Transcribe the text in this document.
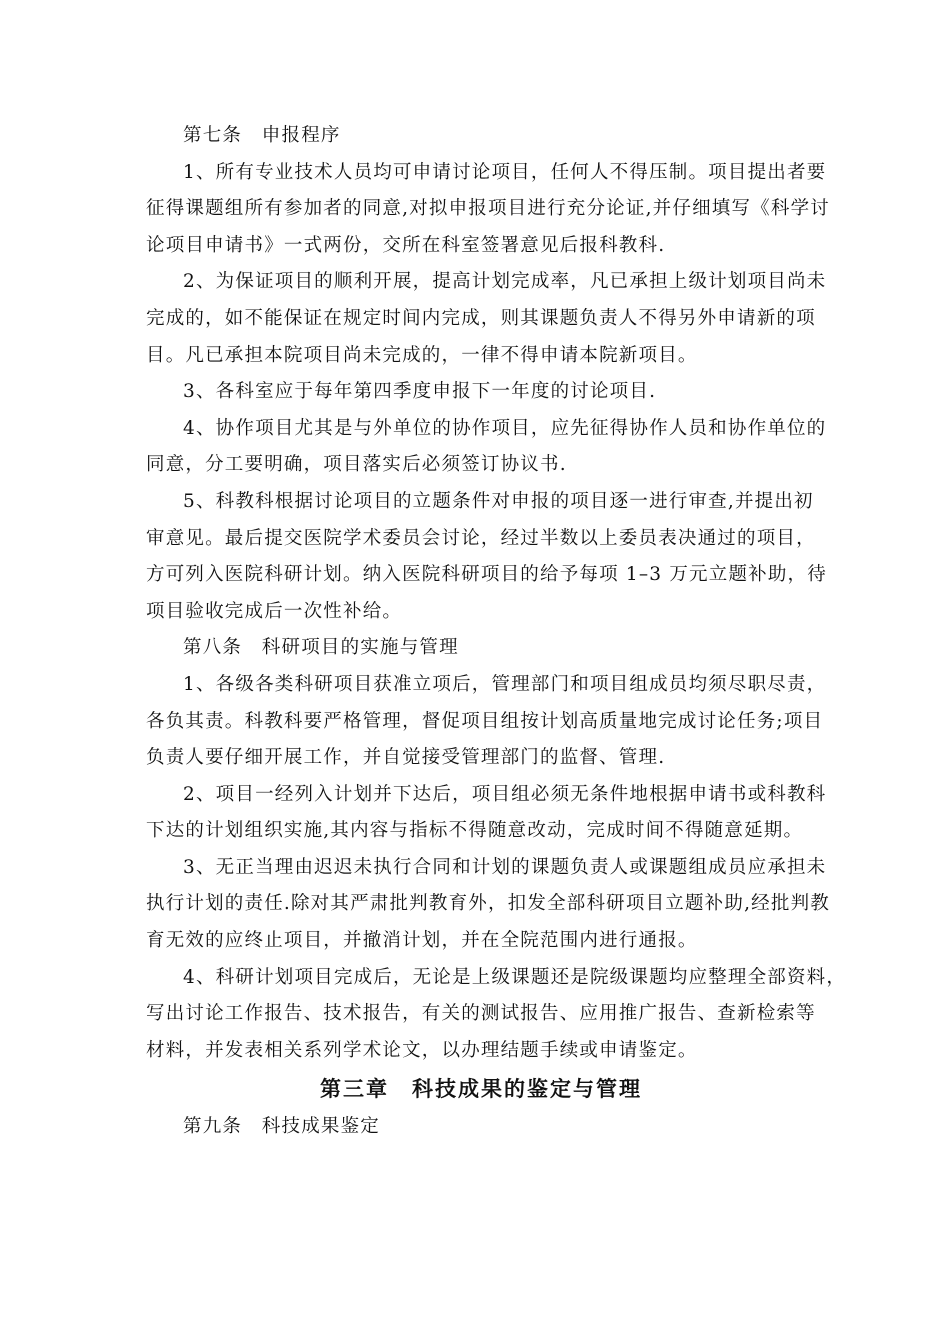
第七条　申报程序
1、所有专业技术人员均可申请讨论项目，任何人不得压制。项目提出者要
征得课题组所有参加者的同意,对拟申报项目进行充分论证,并仔细填写《科学讨
论项目申请书》一式两份，交所在科室签署意见后报科教科.
2、为保证项目的顺利开展，提高计划完成率，凡已承担上级计划项目尚未
完成的，如不能保证在规定时间内完成，则其课题负责人不得另外申请新的项
目。凡已承担本院项目尚未完成的，一律不得申请本院新项目。
3、各科室应于每年第四季度申报下一年度的讨论项目.
4、协作项目尤其是与外单位的协作项目，应先征得协作人员和协作单位的
同意，分工要明确，项目落实后必须签订协议书.
5、科教科根据讨论项目的立题条件对申报的项目逐一进行审查,并提出初
审意见。最后提交医院学术委员会讨论，经过半数以上委员表决通过的项目，
方可列入医院科研计划。纳入医院科研项目的给予每项 1–3 万元立题补助，待
项目验收完成后一次性补给。
第八条　科研项目的实施与管理
1、各级各类科研项目获准立项后，管理部门和项目组成员均须尽职尽责，
各负其责。科教科要严格管理，督促项目组按计划高质量地完成讨论任务;项目
负责人要仔细开展工作，并自觉接受管理部门的监督、管理.
2、项目一经列入计划并下达后，项目组必须无条件地根据申请书或科教科
下达的计划组织实施,其内容与指标不得随意改动，完成时间不得随意延期。
3、无正当理由迟迟未执行合同和计划的课题负责人或课题组成员应承担未
执行计划的责任.除对其严肃批判教育外，扣发全部科研项目立题补助,经批判教
育无效的应终止项目，并撤消计划，并在全院范围内进行通报。
4、科研计划项目完成后，无论是上级课题还是院级课题均应整理全部资料，
写出讨论工作报告、技术报告，有关的测试报告、应用推广报告、查新检索等
材料，并发表相关系列学术论文，以办理结题手续或申请鉴定。
第三章　科技成果的鉴定与管理
第九条　科技成果鉴定
